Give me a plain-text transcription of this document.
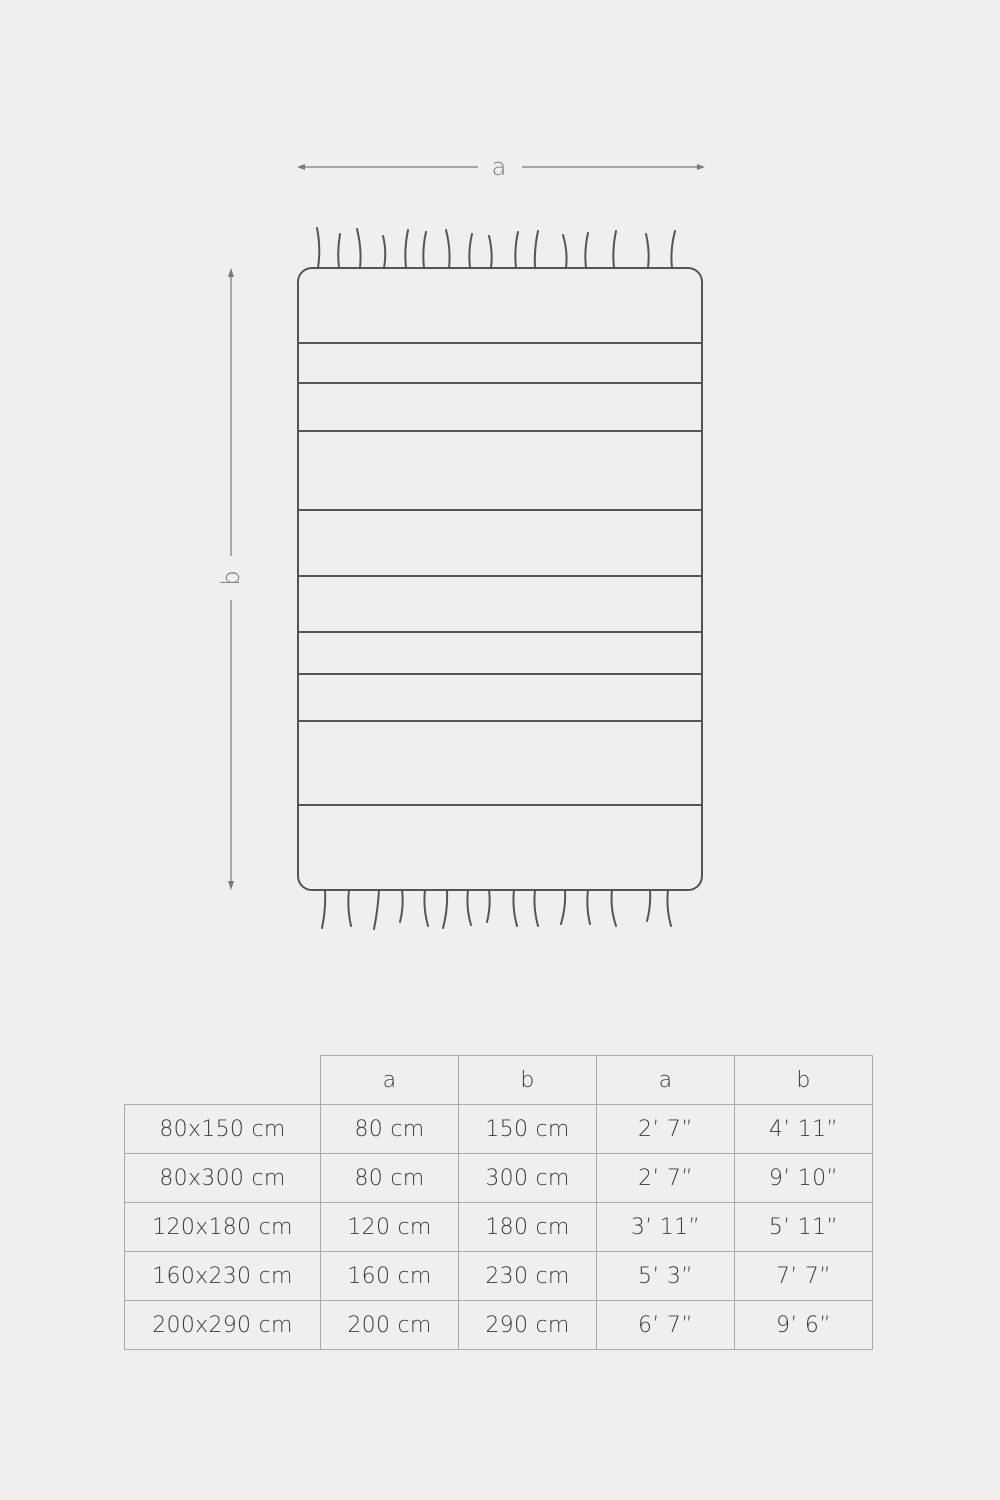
a
b
	a	b	a	b
80x150 cm	80 cm	150 cm	2’ 7”	4’ 11”
80x300 cm	80 cm	300 cm	2’ 7”	9’ 10”
120x180 cm	120 cm	180 cm	3’ 11”	5’ 11”
160x230 cm	160 cm	230 cm	5’ 3”	7’ 7”
200x290 cm	200 cm	290 cm	6’ 7”	9’ 6”
